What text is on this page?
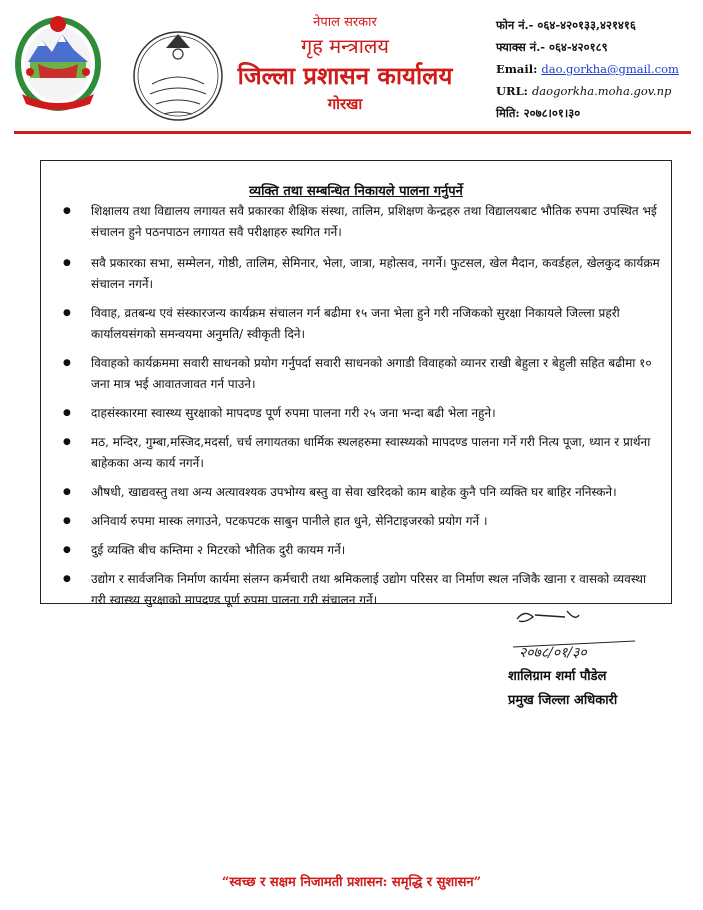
नेपाल सरकार
गृह मन्त्रालय
जिल्ला प्रशासन कार्यालय
गोरखा
फोन नं.- ०६४-४२०१३३,४२१४१६
फ्याक्स नं.- ०६४-४२०१८९
Email: dao.gorkha@gmail.com
URL: daogorkha.moha.gov.np
मिति: २०७८।०१।३०
व्यक्ति तथा सम्बन्धित निकायले पालना गर्नुपर्ने
● शिक्षालय तथा विद्यालय लगायत सवै प्रकारका शैक्षिक संस्था, तालिम, प्रशिक्षण केन्द्रहरु तथा विद्यालयबाट भौतिक रुपमा उपस्थित भई संचालन हुने पठनपाठन लगायत सवै परीक्षाहरु स्थगित गर्ने।
● सवै प्रकारका सभा, सम्मेलन, गोष्ठी, तालिम, सेमिनार, भेला, जात्रा, महोत्सव, नगर्ने। फुटसल, खेल मैदान, कवर्डहल, खेलकुद कार्यक्रम संचालन नगर्ने।
● विवाह, व्रतबन्ध एवं संस्कारजन्य कार्यक्रम संचालन गर्न बढीमा १५ जना भेला हुने गरी नजिकको सुरक्षा निकायले जिल्ला प्रहरी कार्यालयसंगको समन्वयमा अनुमति/ स्वीकृती दिने।
● विवाहको कार्यक्रममा सवारी साधनको प्रयोग गर्नुपर्दा सवारी साधनको अगाडी विवाहको व्यानर राखी बेहुला र बेहुली सहित बढीमा १० जना मात्र भई आवातजावत गर्न पाउने।
● दाहसंस्कारमा स्वास्थ्य सुरक्षाको मापदण्ड पूर्ण रुपमा पालना गरी २५ जना भन्दा बढी भेला नहुने।
● मठ, मन्दिर, गुम्बा,मस्जिद,मदर्सा, चर्च लगायतका धार्मिक स्थलहरुमा स्वास्थ्यको मापदण्ड पालना गर्ने गरी नित्य पूजा, ध्यान र प्रार्थना बाहेकका अन्य कार्य नगर्ने।
● औषधी, खाद्यवस्तु तथा अन्य अत्यावश्यक उपभोग्य बस्तु वा सेवा खरिदको काम बाहेक कुनै पनि व्यक्ति घर बाहिर ननिस्कने।
● अनिवार्य रुपमा मास्क लगाउने, पटकपटक साबुन पानीले हात धुने, सेनिटाइजरको प्रयोग गर्ने ।
● दुई व्यक्ति बीच कम्तिमा २ मिटरको भौतिक दुरी कायम गर्ने।
● उद्योग र सार्वजनिक निर्माण कार्यमा संलग्न कर्मचारी तथा श्रमिकलाई उद्योग परिसर वा निर्माण स्थल नजिकै खाना र वासको व्यवस्था गरी स्वास्थ्य सुरक्षाको मापदण्ड पूर्ण रुपमा पालना गरी संचालन गर्ने।
२०७८/०१/३०
शालिग्राम शर्मा पौडेल
प्रमुख जिल्ला अधिकारी
“स्वच्छ र सक्षम निजामती प्रशासन: समृद्धि र सुशासन”
